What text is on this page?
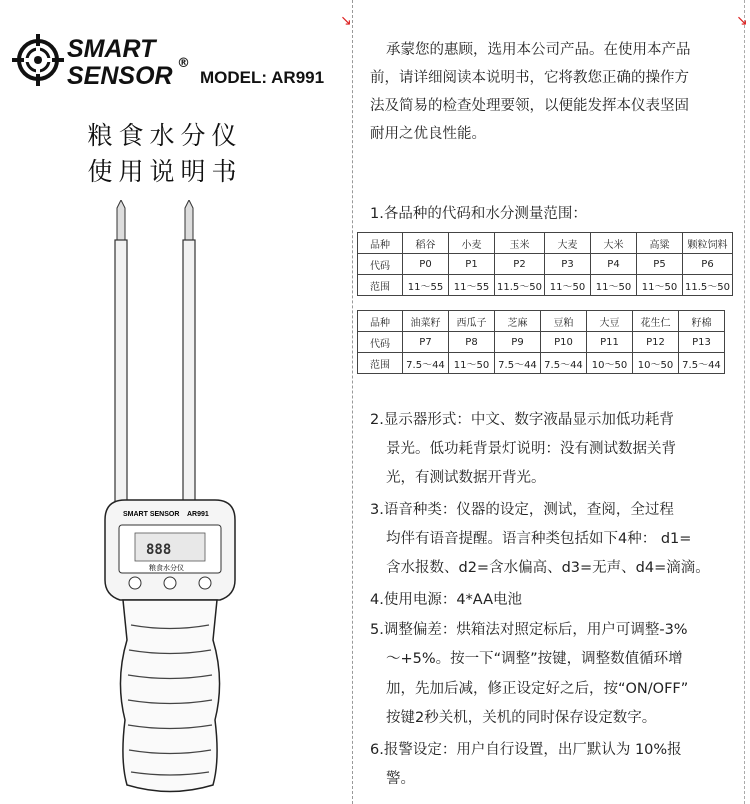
↘
SMART
SENSOR ®
MODEL: AR991
粮食水分仪
使用说明书
SMART SENSOR AR991
888
粮食水分仪
↘
承蒙您的惠顾，选用本公司产品。在使用本产品
前，请详细阅读本说明书，它将教您正确的操作方
法及简易的检查处理要领，以便能发挥本仪表坚固
耐用之优良性能。
1.各品种的代码和水分测量范围：
品种	稻谷	小麦	玉米	大麦	大米	高粱	颗粒饲料
代码	P0	P1	P2	P3	P4	P5	P6
范围	11～55	11～55	11.5～50	11～50	11～50	11～50	11.5～50
品种	油菜籽	西瓜子	芝麻	豆粕	大豆	花生仁	籽棉
代码	P7	P8	P9	P10	P11	P12	P13
范围	7.5～44	11～50	7.5～44	7.5～44	10～50	10～50	7.5～44
2.显示器形式：中文、数字液晶显示加低功耗背
景光。低功耗背景灯说明：没有测试数据关背
光，有测试数据开背光。
3.语音种类：仪器的设定，测试，查阅，全过程
均伴有语音提醒。语言种类包括如下4种： d1=
含水报数、d2=含水偏高、d3=无声、d4=滴滴。
4.使用电源：4*AA电池
5.调整偏差：烘箱法对照定标后，用户可调整-3%
～+5%。按一下“调整”按键，调整数值循环增
加，先加后减，修正设定好之后，按“ON/OFF”
按键2秒关机，关机的同时保存设定数字。
6.报警设定：用户自行设置，出厂默认为 10%报
警。
